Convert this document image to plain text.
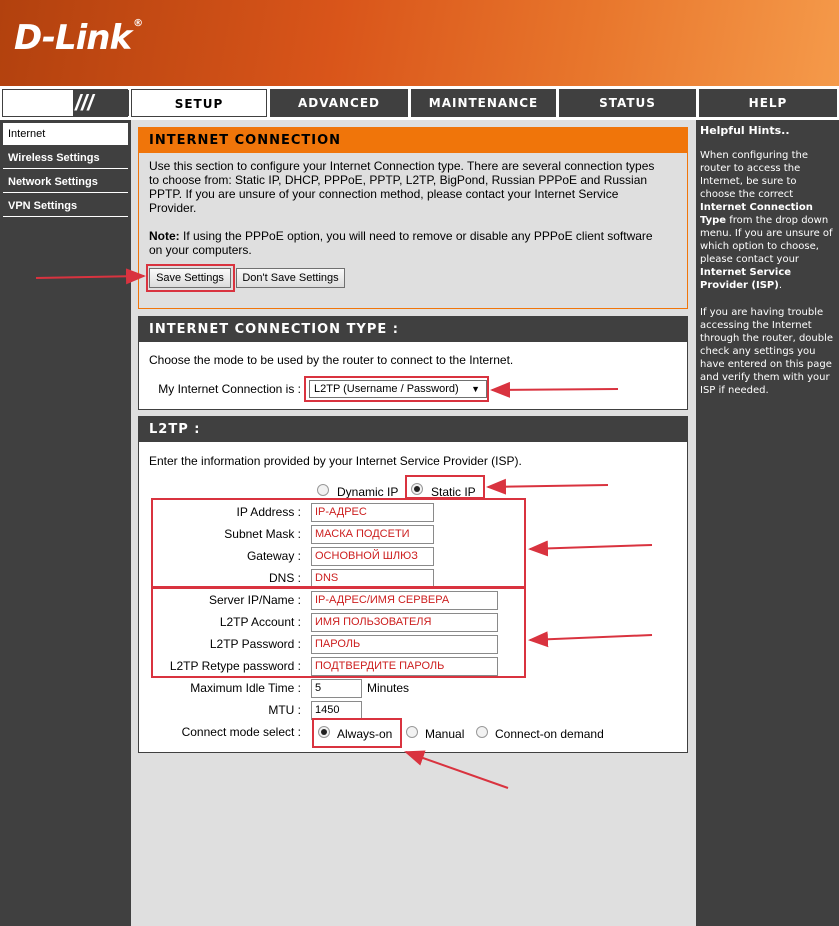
D-Link ®
///	SETUP	ADVANCED	MAINTENANCE	STATUS	HELP
Internet
Wireless Settings
Network Settings
VPN Settings
INTERNET CONNECTION
Use this section to configure your Internet Connection type. There are several connection types
to choose from: Static IP, DHCP, PPPoE, PPTP, L2TP, BigPond, Russian PPPoE and Russian
PPTP. If you are unsure of your connection method, please contact your Internet Service
Provider.
Note: If using the PPPoE option, you will need to remove or disable any PPPoE client software
on your computers.
Save Settings	Don't Save Settings
INTERNET CONNECTION TYPE :
Choose the mode to be used by the router to connect to the Internet.
My Internet Connection is :	L2TP (Username / Password) ▼
L2TP :
Enter the information provided by your Internet Service Provider (ISP).
Dynamic IP	Static IP
IP Address :	IP-АДРЕС
Subnet Mask :	МАСКА ПОДСЕТИ
Gateway :	ОСНОВНОЙ ШЛЮЗ
DNS :	DNS
Server IP/Name :	IP-АДРЕС/ИМЯ СЕРВЕРА
L2TP Account :	ИМЯ ПОЛЬЗОВАТЕЛЯ
L2TP Password :	ПАРОЛЬ
L2TP Retype password :	ПОДТВЕРДИТЕ ПАРОЛЬ
Maximum Idle Time :	5	Minutes
MTU :	1450
Connect mode select :	Always-on	Manual	Connect-on demand
Helpful Hints..
When configuring the router to access the Internet, be sure to choose the correct Internet Connection Type from the drop down menu. If you are unsure of which option to choose, please contact your Internet Service Provider (ISP).
If you are having trouble accessing the Internet through the router, double check any settings you have entered on this page and verify them with your ISP if needed.
